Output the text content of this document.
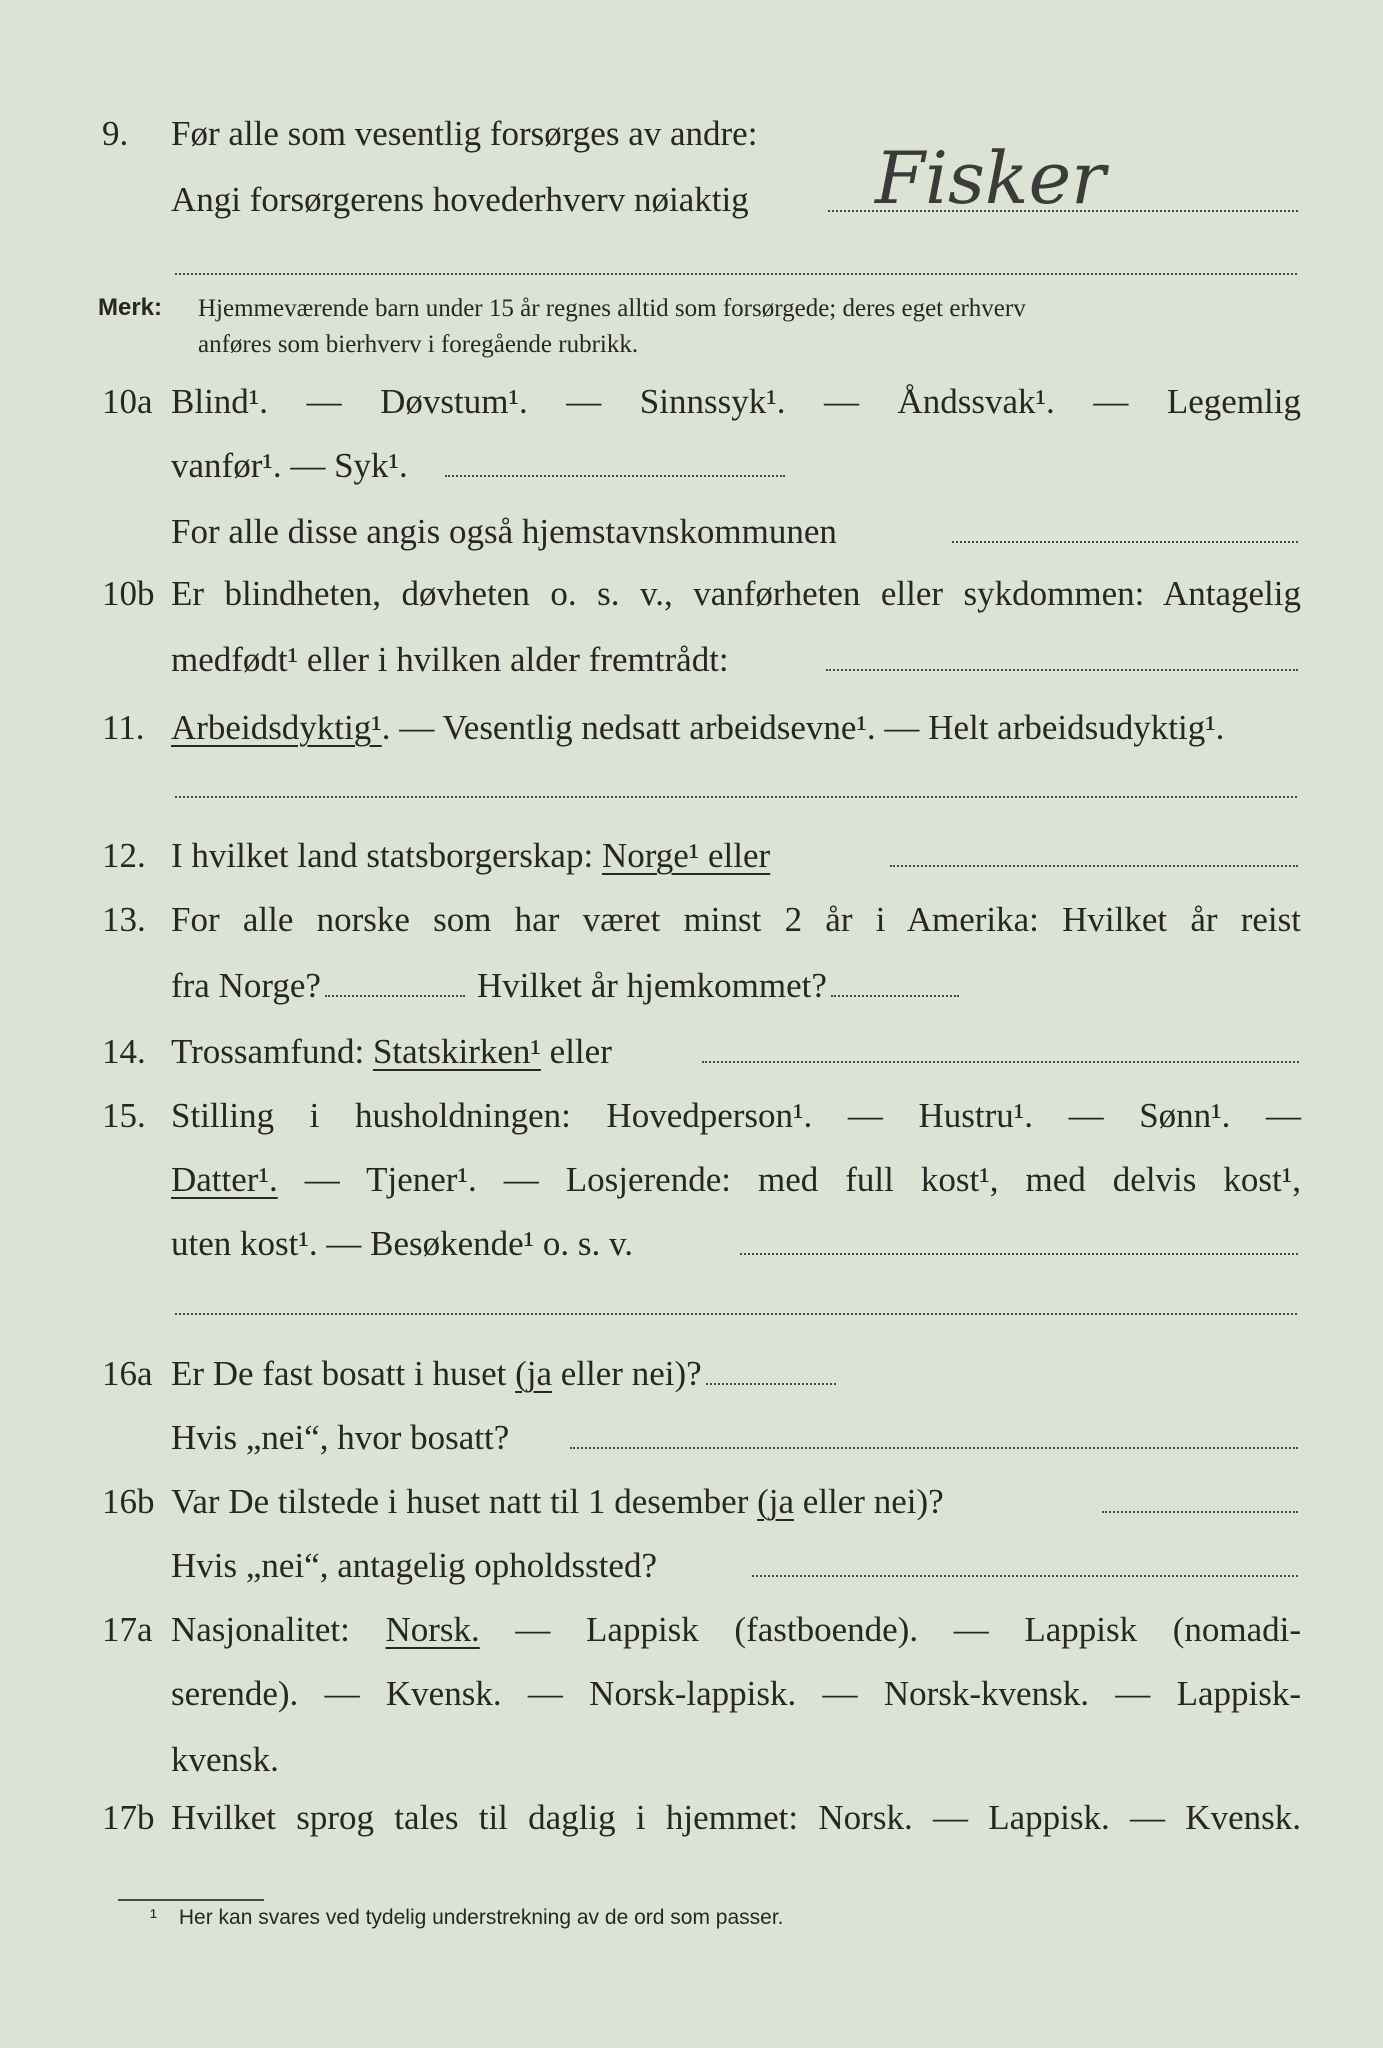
9.	Før alle som vesentlig forsørges av andre:
Angi forsørgerens hovederhverv nøiaktig	Fisker
Merk: Hjemmeværende barn under 15 år regnes alltid som forsørgede; deres eget erhverv
anføres som bierhverv i foregående rubrikk.
10a Blind¹. — Døvstum¹. — Sinnssyk¹. — Åndssvak¹. — Legemlig
vanfør¹. — Syk¹.
For alle disse angis også hjemstavnskommunen
10b Er blindheten, døvheten o. s. v., vanførheten eller sykdommen: Antagelig
medfødt¹ eller i hvilken alder fremtrådt:
11. Arbeidsdyktig¹. — Vesentlig nedsatt arbeidsevne¹. — Helt arbeidsudyktig¹.
12. I hvilket land statsborgerskap: Norge¹ eller
13. For alle norske som har været minst 2 år i Amerika: Hvilket år reist
fra Norge?	Hvilket år hjemkommet?
14. Trossamfund: Statskirken¹ eller
15. Stilling i husholdningen: Hovedperson¹. — Hustru¹. — Sønn¹. —
Datter¹. — Tjener¹. — Losjerende: med full kost¹, med delvis kost¹,
uten kost¹. — Besøkende¹ o. s. v.
16a Er De fast bosatt i huset (ja eller nei)?
Hvis „nei“, hvor bosatt?
16b Var De tilstede i huset natt til 1 desember (ja eller nei)?
Hvis „nei“, antagelig opholdssted?
17a Nasjonalitet: Norsk. — Lappisk (fastboende). — Lappisk (nomadi-
serende). — Kvensk. — Norsk-lappisk. — Norsk-kvensk. — Lappisk-
kvensk.
17b Hvilket sprog tales til daglig i hjemmet: Norsk. — Lappisk. — Kvensk.
¹ Her kan svares ved tydelig understrekning av de ord som passer.
